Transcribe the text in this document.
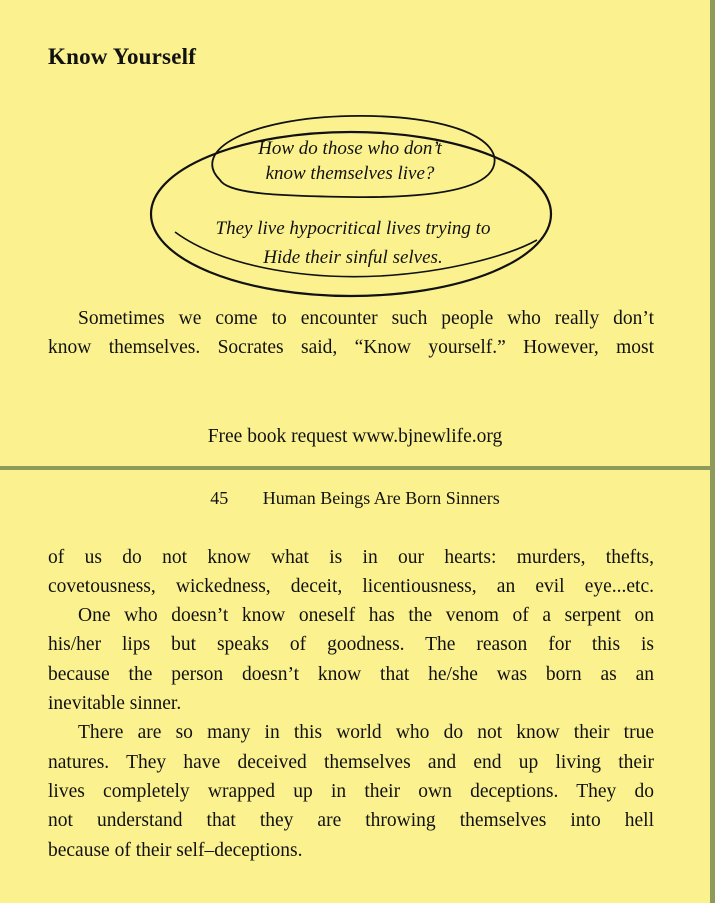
Know Yourself
How do those who don’t
know themselves live?
They live hypocritical lives trying to
Hide their sinful selves.
Sometimes we come to encounter such people who really don’t
know themselves. Socrates said, “Know yourself.” However, most
Free book request www.bjnewlife.org
45 Human Beings Are Born Sinners
of us do not know what is in our hearts: murders, thefts,
covetousness, wickedness, deceit, licentiousness, an evil eye...etc.
One who doesn’t know oneself has the venom of a serpent on
his/her lips but speaks of goodness. The reason for this is
because the person doesn’t know that he/she was born as an
inevitable sinner.
There are so many in this world who do not know their true
natures. They have deceived themselves and end up living their
lives completely wrapped up in their own deceptions. They do
not understand that they are throwing themselves into hell
because of their self–deceptions.
